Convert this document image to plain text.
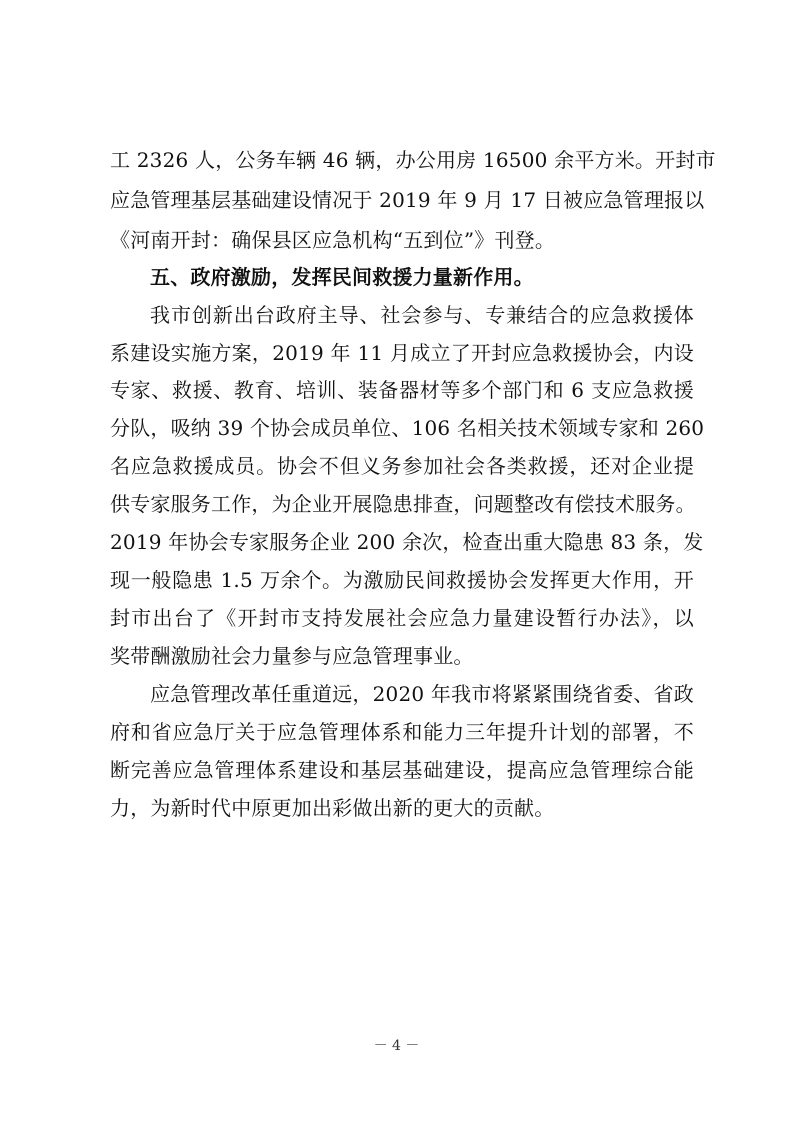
工 2326 人，公务车辆 46 辆，办公用房 16500 余平方米。开封市
应急管理基层基础建设情况于 2019 年 9 月 17 日被应急管理报以
《河南开封：确保县区应急机构“五到位”》刊登。
五、政府激励，发挥民间救援力量新作用。
我市创新出台政府主导、社会参与、专兼结合的应急救援体
系建设实施方案，2019 年 11 月成立了开封应急救援协会，内设
专家、救援、教育、培训、装备器材等多个部门和 6 支应急救援
分队，吸纳 39 个协会成员单位、106 名相关技术领域专家和 260
名应急救援成员。协会不但义务参加社会各类救援，还对企业提
供专家服务工作，为企业开展隐患排查，问题整改有偿技术服务。
2019 年协会专家服务企业 200 余次，检查出重大隐患 83 条，发
现一般隐患 1.5 万余个。为激励民间救援协会发挥更大作用，开
封市出台了《开封市支持发展社会应急力量建设暂行办法》，以
奖带酬激励社会力量参与应急管理事业。
应急管理改革任重道远，2020 年我市将紧紧围绕省委、省政
府和省应急厅关于应急管理体系和能力三年提升计划的部署，不
断完善应急管理体系建设和基层基础建设，提高应急管理综合能
力，为新时代中原更加出彩做出新的更大的贡献。
－ 4 －
